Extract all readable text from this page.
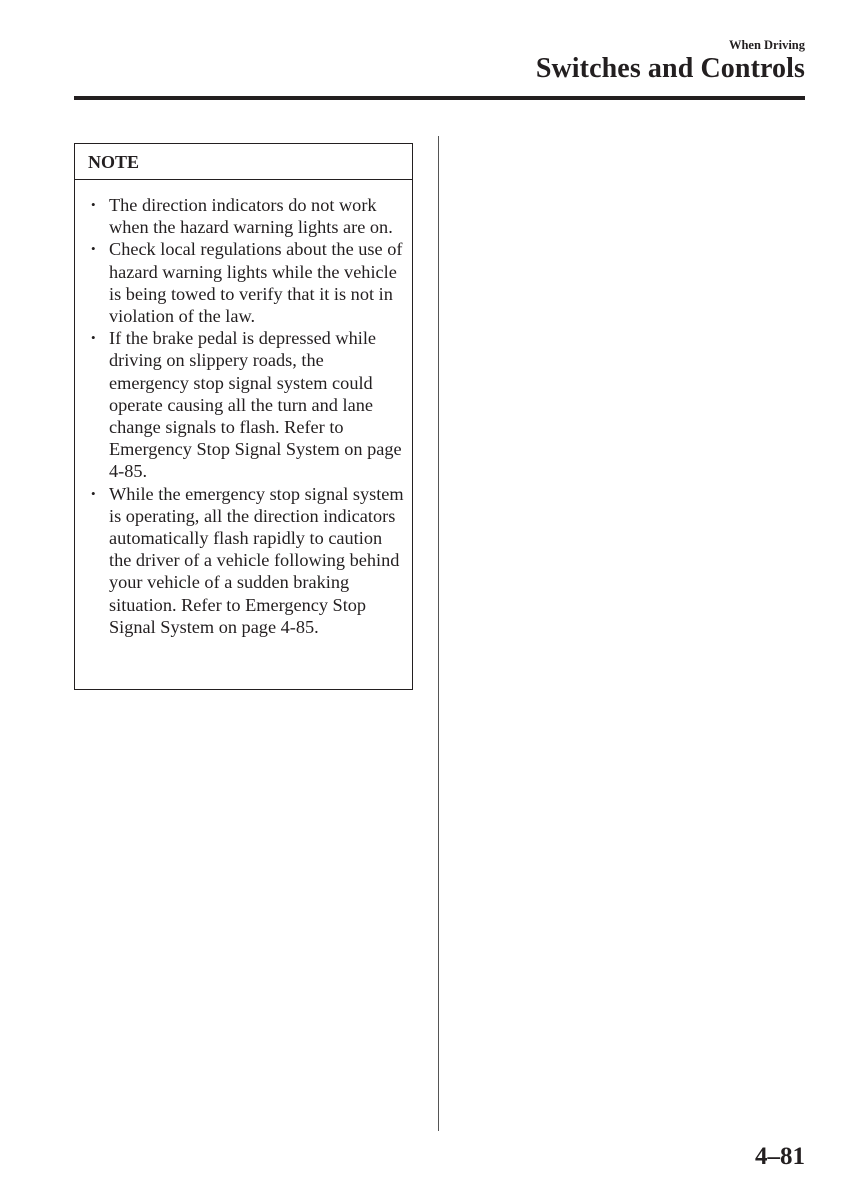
When Driving
Switches and Controls
NOTE
• The direction indicators do not work when the hazard warning lights are on.
• Check local regulations about the use of hazard warning lights while the vehicle is being towed to verify that it is not in violation of the law.
• If the brake pedal is depressed while driving on slippery roads, the emergency stop signal system could operate causing all the turn and lane change signals to flash. Refer to Emergency Stop Signal System on page 4-85.
• While the emergency stop signal system is operating, all the direction indicators automatically flash rapidly to caution the driver of a vehicle following behind your vehicle of a sudden braking situation. Refer to Emergency Stop Signal System on page 4-85.
4–81
